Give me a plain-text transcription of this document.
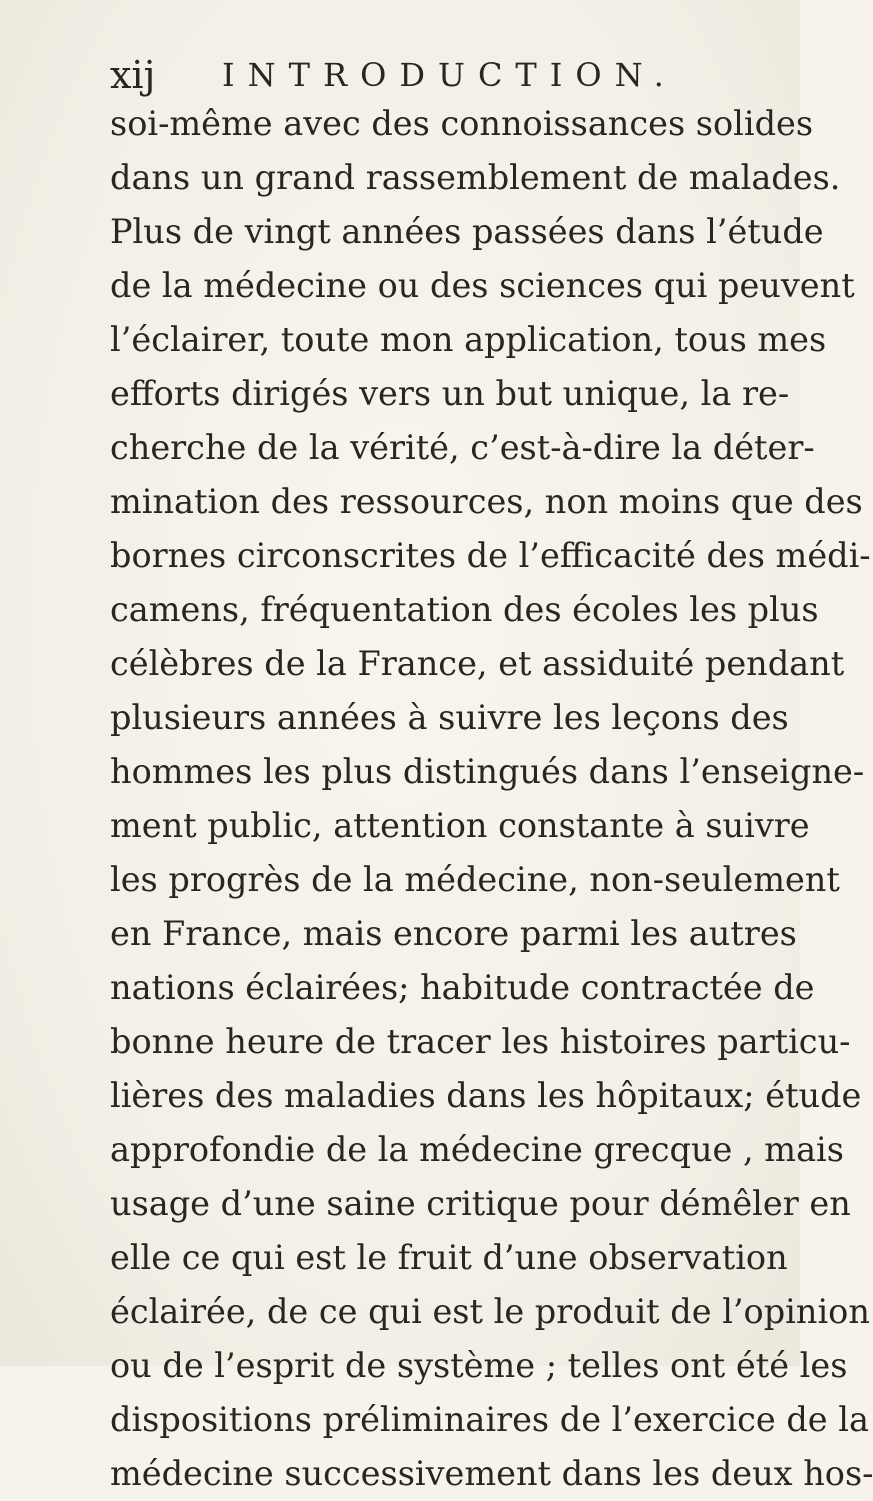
xij INTRODUCTION.
soi-même avec des connoissances solides
dans un grand rassemblement de malades.
Plus de vingt années passées dans l’étude
de la médecine ou des sciences qui peuvent
l’éclairer, toute mon application, tous mes
efforts dirigés vers un but unique, la re-
cherche de la vérité, c’est-à-dire la déter-
mination des ressources, non moins que des
bornes circonscrites de l’efficacité des médi-
camens, fréquentation des écoles les plus
célèbres de la France, et assiduité pendant
plusieurs années à suivre les leçons des
hommes les plus distingués dans l’enseigne-
ment public, attention constante à suivre
les progrès de la médecine, non-seulement
en France, mais encore parmi les autres
nations éclairées; habitude contractée de
bonne heure de tracer les histoires particu-
lières des maladies dans les hôpitaux; étude
approfondie de la médecine grecque , mais
usage d’une saine critique pour démêler en
elle ce qui est le fruit d’une observation
éclairée, de ce qui est le produit de l’opinion
ou de l’esprit de système ; telles ont été les
dispositions préliminaires de l’exercice de la
médecine successivement dans les deux hos-
